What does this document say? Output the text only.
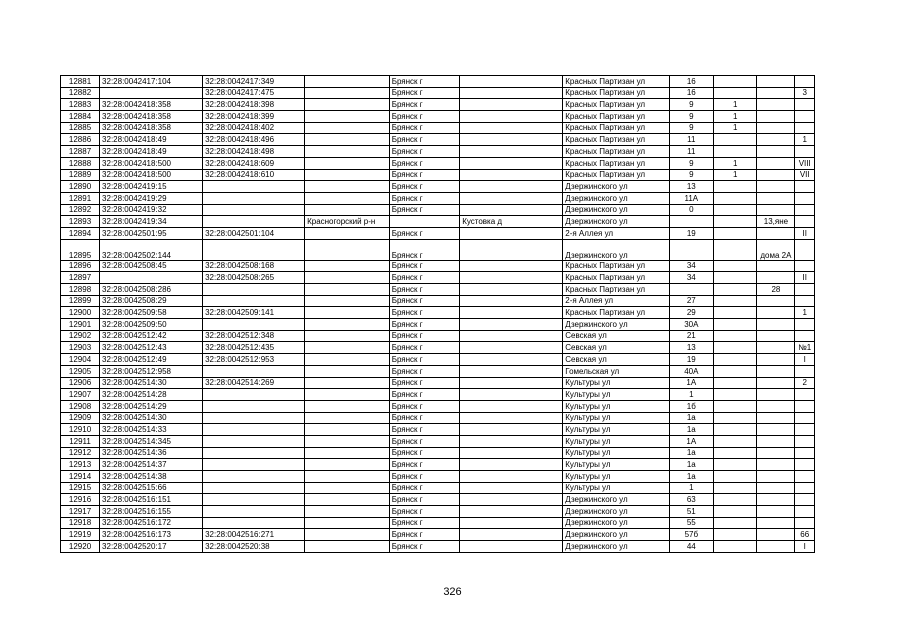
12881	32:28:0042417:104	32:28:0042417:349		Брянск г		Красных Партизан ул	16			
12882		32:28:0042417:475		Брянск г		Красных Партизан ул	16			3
12883	32:28:0042418:358	32:28:0042418:398		Брянск г		Красных Партизан ул	9	1		
12884	32:28:0042418:358	32:28:0042418:399		Брянск г		Красных Партизан ул	9	1		
12885	32:28:0042418:358	32:28:0042418:402		Брянск г		Красных Партизан ул	9	1		
12886	32:28:0042418:49	32:28:0042418:496		Брянск г		Красных Партизан ул	11			1
12887	32:28:0042418:49	32:28:0042418:498		Брянск г		Красных Партизан ул	11			
12888	32:28:0042418:500	32:28:0042418:609		Брянск г		Красных Партизан ул	9	1		VIII
12889	32:28:0042418:500	32:28:0042418:610		Брянск г		Красных Партизан ул	9	1		VII
12890	32:28:0042419:15			Брянск г		Дзержинского ул	13			
12891	32:28:0042419:29			Брянск г		Дзержинского ул	11А			
12892	32:28:0042419:32			Брянск г		Дзержинского ул	0			
12893	32:28:0042419:34		Красногорский р-н		Кустовка д	Дзержинского ул			13,яне	
12894	32:28:0042501:95	32:28:0042501:104		Брянск г		2-я Аллея ул	19			II
12895	32:28:0042502:144			Брянск г		Дзержинского ул			дома 2А	
12896	32:28:0042508:45	32:28:0042508:168		Брянск г		Красных Партизан ул	34			
12897		32:28:0042508:265		Брянск г		Красных Партизан ул	34			II
12898	32:28:0042508:286			Брянск г		Красных Партизан ул			28	
12899	32:28:0042508:29			Брянск г		2-я Аллея ул	27			
12900	32:28:0042509:58	32:28:0042509:141		Брянск г		Красных Партизан ул	29			1
12901	32:28:0042509:50			Брянск г		Дзержинского ул	30А			
12902	32:28:0042512:42	32:28:0042512:348		Брянск г		Севская ул	21			
12903	32:28:0042512:43	32:28:0042512:435		Брянск г		Севская ул	13			№1
12904	32:28:0042512:49	32:28:0042512:953		Брянск г		Севская ул	19			I
12905	32:28:0042512:958			Брянск г		Гомельская ул	40А			
12906	32:28:0042514:30	32:28:0042514:269		Брянск г		Культуры ул	1А			2
12907	32:28:0042514:28			Брянск г		Культуры ул	1			
12908	32:28:0042514:29			Брянск г		Культуры ул	1б			
12909	32:28:0042514:30			Брянск г		Культуры ул	1а			
12910	32:28:0042514:33			Брянск г		Культуры ул	1а			
12911	32:28:0042514:345			Брянск г		Культуры ул	1А			
12912	32:28:0042514:36			Брянск г		Культуры ул	1а			
12913	32:28:0042514:37			Брянск г		Культуры ул	1а			
12914	32:28:0042514:38			Брянск г		Культуры ул	1а			
12915	32:28:0042515:66			Брянск г		Культуры ул	1			
12916	32:28:0042516:151			Брянск г		Дзержинского ул	63			
12917	32:28:0042516:155			Брянск г		Дзержинского ул	51			
12918	32:28:0042516:172			Брянск г		Дзержинского ул	55			
12919	32:28:0042516:173	32:28:0042516:271		Брянск г		Дзержинского ул	57б			66
12920	32:28:0042520:17	32:28:0042520:38		Брянск г		Дзержинского ул	44			I
326
